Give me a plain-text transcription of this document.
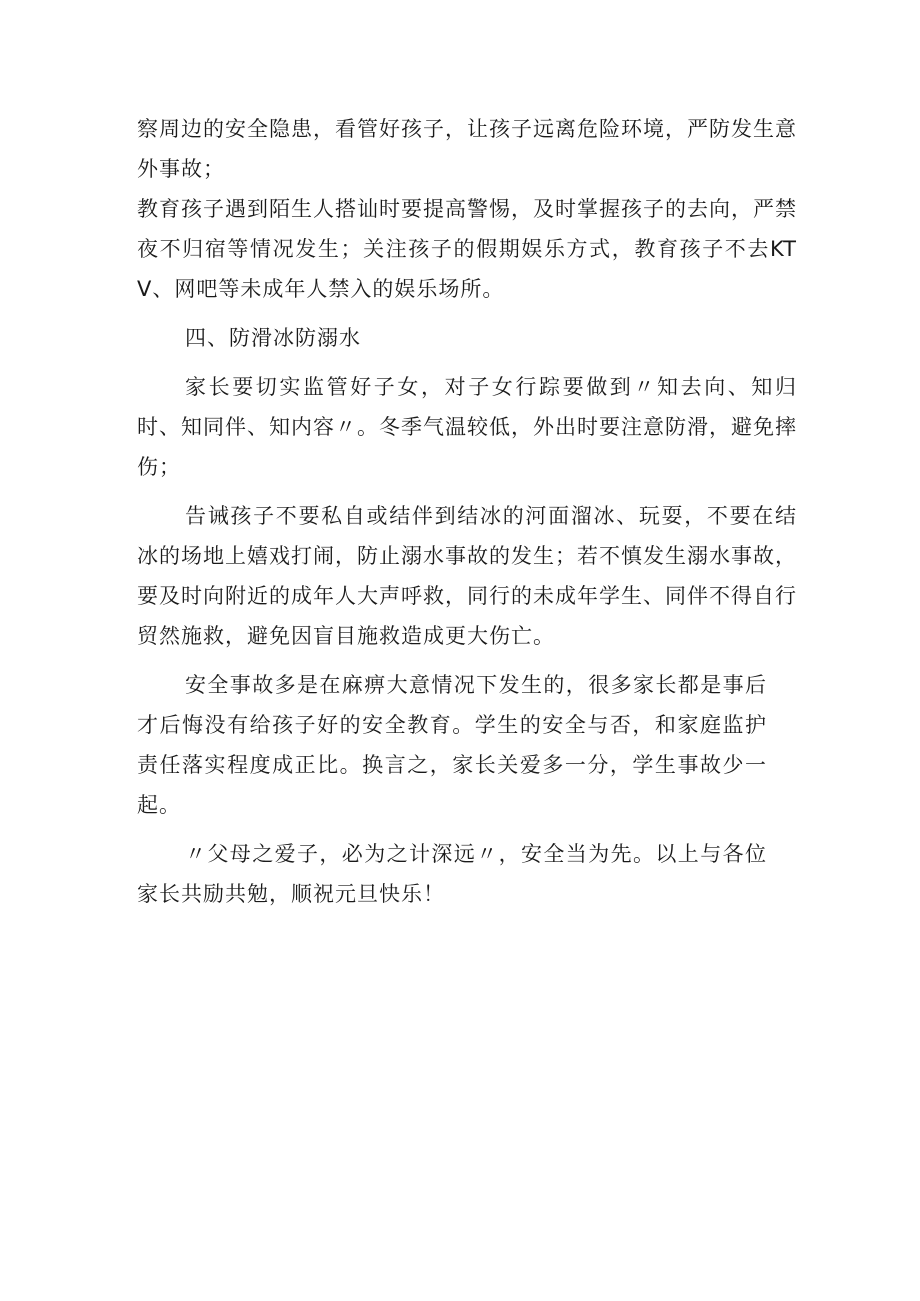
察周边的安全隐患，看管好孩子，让孩子远离危险环境，严防发生意外事故；

教育孩子遇到陌生人搭讪时要提高警惕，及时掌握孩子的去向，严禁夜不归宿等情况发生；关注孩子的假期娱乐方式，教育孩子不去KTV、网吧等未成年人禁入的娱乐场所。

四、防滑冰防溺水

家长要切实监管好子女，对子女行踪要做到〃知去向、知归时、知同伴、知内容〃。冬季气温较低，外出时要注意防滑，避免摔伤；

告诫孩子不要私自或结伴到结冰的河面溜冰、玩耍，不要在结冰的场地上嬉戏打闹，防止溺水事故的发生；若不慎发生溺水事故，要及时向附近的成年人大声呼救，同行的未成年学生、同伴不得自行贸然施救，避免因盲目施救造成更大伤亡。

安全事故多是在麻痹大意情况下发生的，很多家长都是事后才后悔没有给孩子好的安全教育。学生的安全与否，和家庭监护责任落实程度成正比。换言之，家长关爱多一分，学生事故少一起。

〃父母之爱子，必为之计深远〃，安全当为先。以上与各位家长共励共勉，顺祝元旦快乐！
